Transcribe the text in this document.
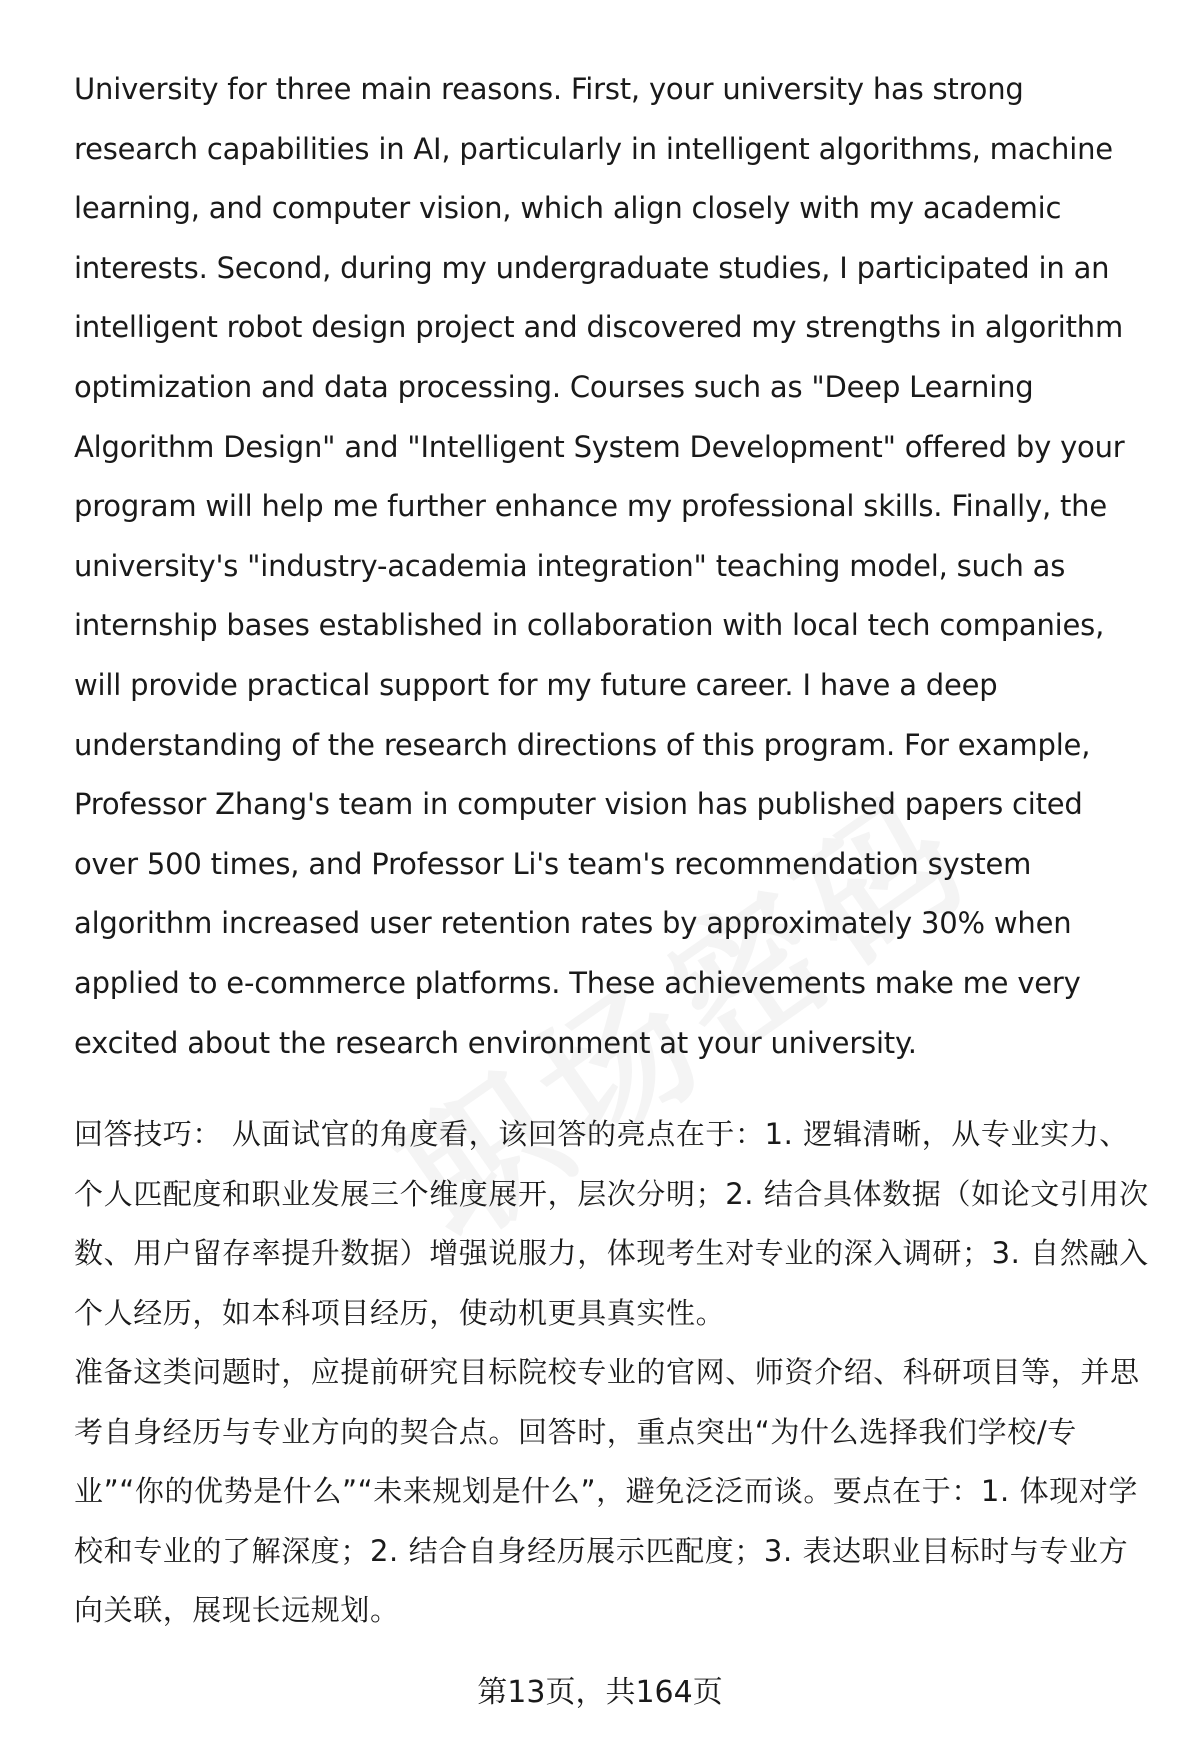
University for three main reasons. First, your university has strong research capabilities in AI, particularly in intelligent algorithms, machine learning, and computer vision, which align closely with my academic interests. Second, during my undergraduate studies, I participated in an intelligent robot design project and discovered my strengths in algorithm optimization and data processing. Courses such as "Deep Learning Algorithm Design" and "Intelligent System Development" offered by your program will help me further enhance my professional skills. Finally, the university's "industry-academia integration" teaching model, such as internship bases established in collaboration with local tech companies, will provide practical support for my future career. I have a deep understanding of the research directions of this program. For example, Professor Zhang's team in computer vision has published papers cited over 500 times, and Professor Li's team's recommendation system algorithm increased user retention rates by approximately 30% when applied to e-commerce platforms. These achievements make me very excited about the research environment at your university.

回答技巧： 从面试官的角度看，该回答的亮点在于：1. 逻辑清晰，从专业实力、个人匹配度和职业发展三个维度展开，层次分明；2. 结合具体数据（如论文引用次数、用户留存率提升数据）增强说服力，体现考生对专业的深入调研；3. 自然融入个人经历，如本科项目经历，使动机更具真实性。

准备这类问题时，应提前研究目标院校专业的官网、师资介绍、科研项目等，并思考自身经历与专业方向的契合点。回答时，重点突出“为什么选择我们学校/专业”“你的优势是什么”“未来规划是什么”，避免泛泛而谈。要点在于：1. 体现对学校和专业的了解深度；2. 结合自身经历展示匹配度；3. 表达职业目标时与专业方向关联，展现长远规划。

第13页，共164页
